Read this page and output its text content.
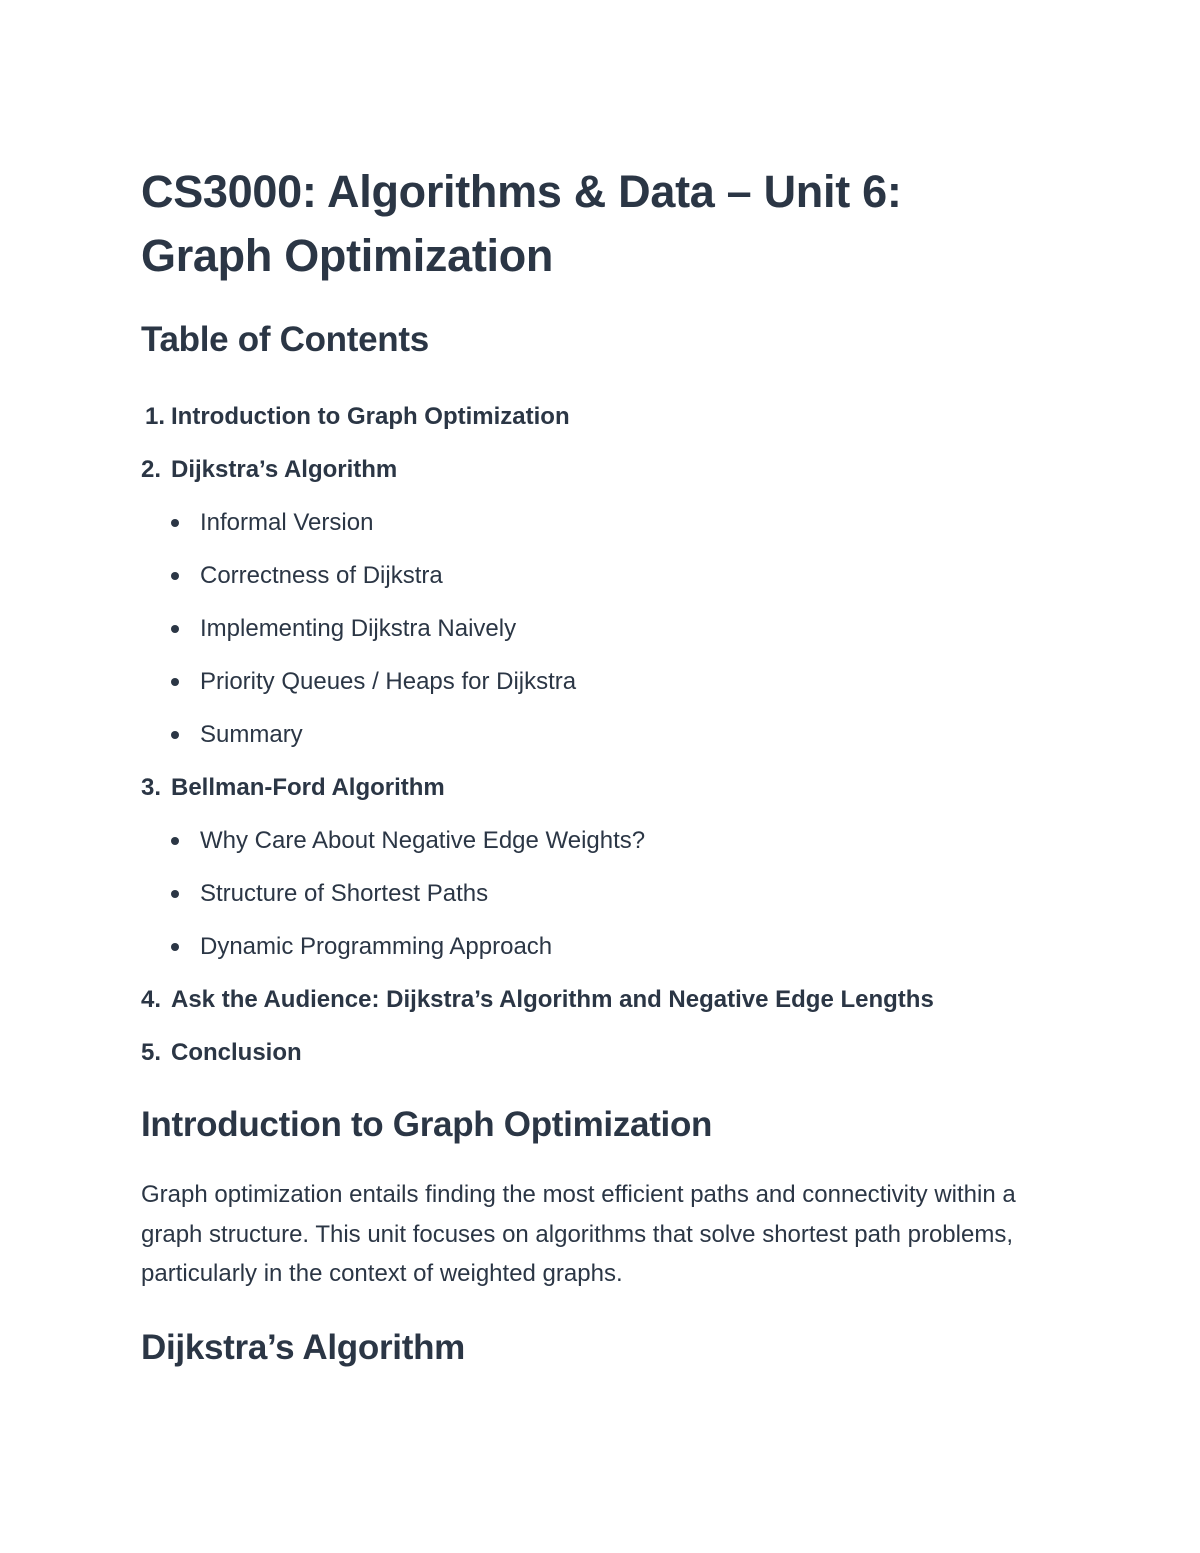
CS3000: Algorithms & Data – Unit 6:
Graph Optimization
Table of Contents
1. Introduction to Graph Optimization
2. Dijkstra’s Algorithm
Informal Version
Correctness of Dijkstra
Implementing Dijkstra Naively
Priority Queues / Heaps for Dijkstra
Summary
3. Bellman-Ford Algorithm
Why Care About Negative Edge Weights?
Structure of Shortest Paths
Dynamic Programming Approach
4. Ask the Audience: Dijkstra’s Algorithm and Negative Edge Lengths
5. Conclusion
Introduction to Graph Optimization

Graph optimization entails finding the most efficient paths and connectivity within a graph structure. This unit focuses on algorithms that solve shortest path problems, particularly in the context of weighted graphs.

Dijkstra’s Algorithm
